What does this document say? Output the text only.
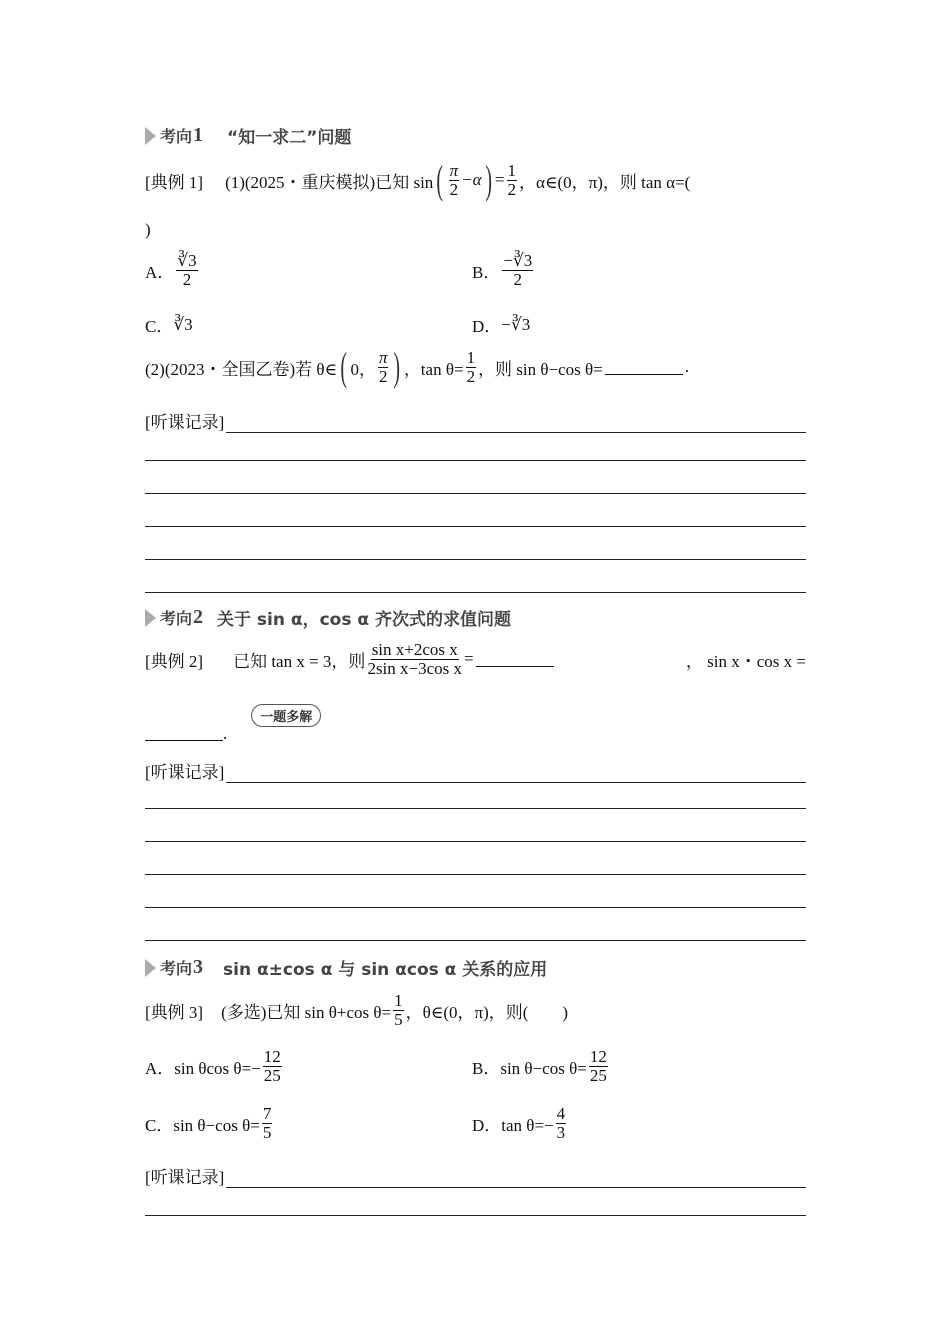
考向 1 “知一求二”问题
[典例 1] (1)(2025・重庆模拟)已知 sin ( $\frac{\pi}{2} -\alpha$ ) = $\frac{1}{2}$ ，α∈(0，π)，则 tan α=(
)
A． $\frac{∛3}{2}$	B． $\frac{-∛3}{2}$
C． ∛3	D． −∛3
(2)(2023・全国乙卷)若 θ∈ ( 0， $\frac{\pi}{2}$ ) ，$\tan \theta= \frac{1}{2}$ ，则 sin θ−cos θ=	.
[听课记录]
考向 2 关于 sin α，cos α 齐次式的求值问题
[典例 2] 已知 tan x = 3，则 $\frac{\text{sin x+2cos x}}{\text{2sin x−3cos x}}$ =	， sin x・cos x =
.
一题多解
[听课记录]
考向 3 sin α±cos α 与 sin αcos α 关系的应用
[典例 3] (多选)已知 sin θ+cos $\theta= \frac{1}{5}$ ，θ∈(0，π)，则(　　)
A．sin θcos $\theta=- \frac{12}{25}$	B．sin θ−cos $\theta= \frac{12}{25}$
C．sin θ−cos $\theta= \frac{7}{5}$	D．$\tan \theta=- \frac{4}{3}$
[听课记录]
